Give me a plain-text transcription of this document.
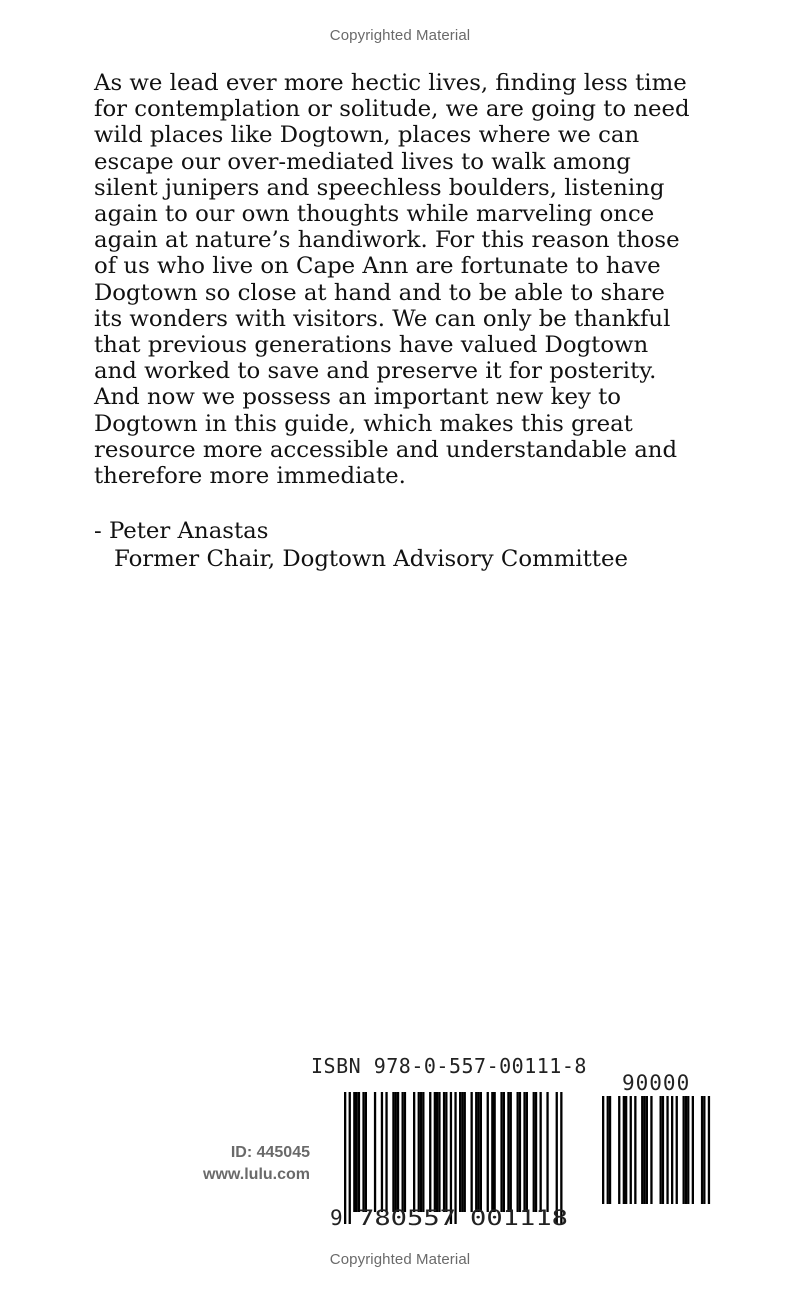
Copyrighted Material

As we lead ever more hectic lives, finding less time
for contemplation or solitude, we are going to need
wild places like Dogtown, places where we can
escape our over-mediated lives to walk among
silent junipers and speechless boulders, listening
again to our own thoughts while marveling once
again at nature’s handiwork. For this reason those
of us who live on Cape Ann are fortunate to have
Dogtown so close at hand and to be able to share
its wonders with visitors. We can only be thankful
that previous generations have valued Dogtown
and worked to save and preserve it for posterity.
And now we possess an important new key to
Dogtown in this guide, which makes this great
resource more accessible and understandable and
therefore more immediate.

- Peter Anastas
Former Chair, Dogtown Advisory Committee
ID: 445045
www.lulu.com
ISBN 978-0-557-00111-8
90000
9 780557 001118
Copyrighted Material
